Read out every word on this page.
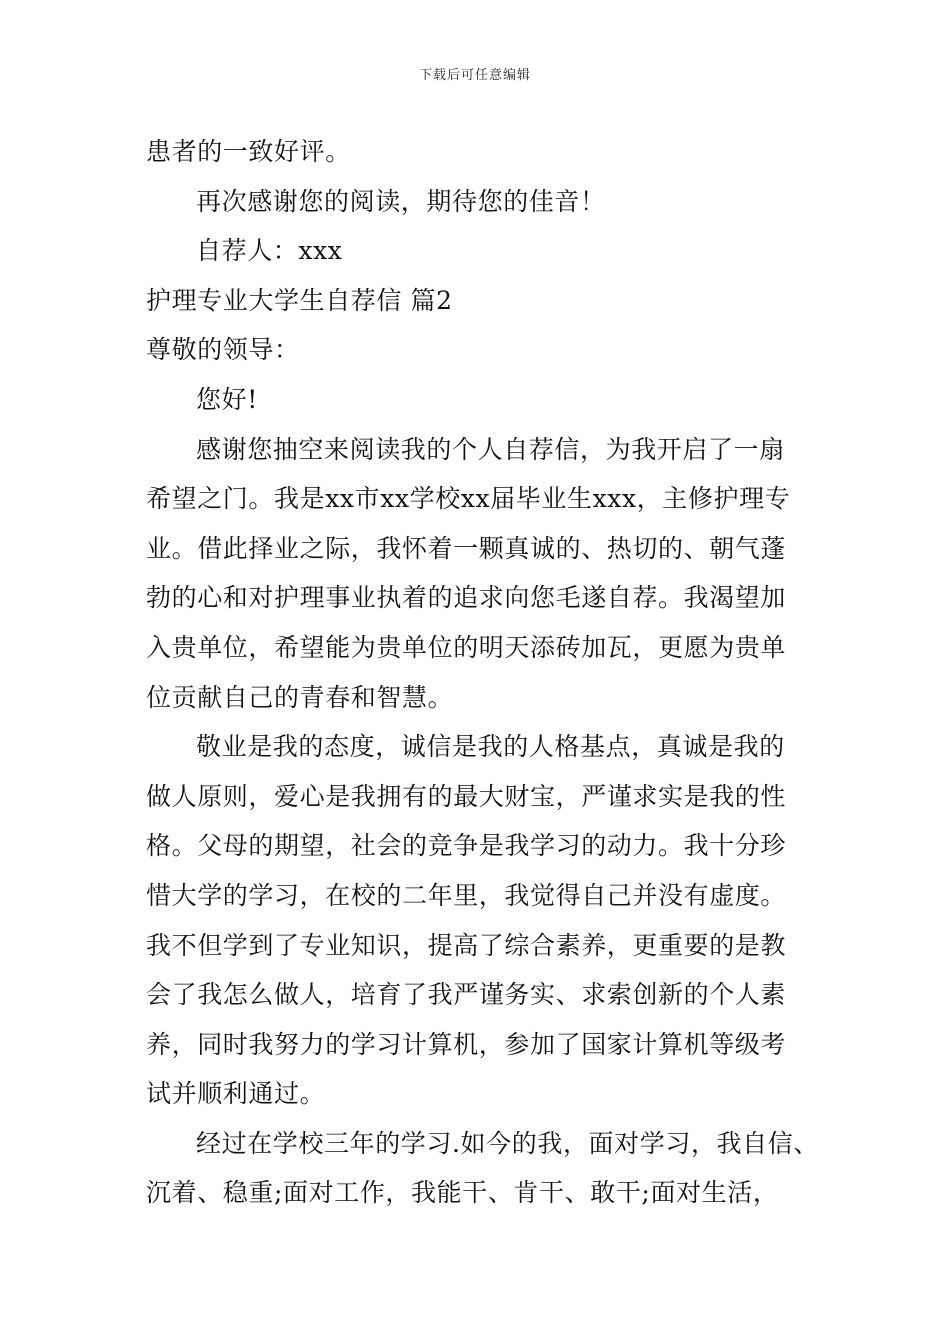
下载后可任意编辑
患者的一致好评。
再次感谢您的阅读，期待您的佳音！
自荐人：xxx
护理专业大学生自荐信 篇2
尊敬的领导：
您好!
感谢您抽空来阅读我的个人自荐信，为我开启了一扇
希望之门。我是xx市xx学校xx届毕业生xxx，主修护理专
业。借此择业之际，我怀着一颗真诚的、热切的、朝气蓬
勃的心和对护理事业执着的追求向您毛遂自荐。我渴望加
入贵单位，希望能为贵单位的明天添砖加瓦，更愿为贵单
位贡献自己的青春和智慧。
敬业是我的态度，诚信是我的人格基点，真诚是我的
做人原则，爱心是我拥有的最大财宝，严谨求实是我的性
格。父母的期望，社会的竞争是我学习的动力。我十分珍
惜大学的学习，在校的二年里，我觉得自己并没有虚度。
我不但学到了专业知识，提高了综合素养，更重要的是教
会了我怎么做人，培育了我严谨务实、求索创新的个人素
养，同时我努力的学习计算机，参加了国家计算机等级考
试并顺利通过。
经过在学校三年的学习.如今的我，面对学习，我自信、
沉着、稳重;面对工作，我能干、肯干、敢干;面对生活，
